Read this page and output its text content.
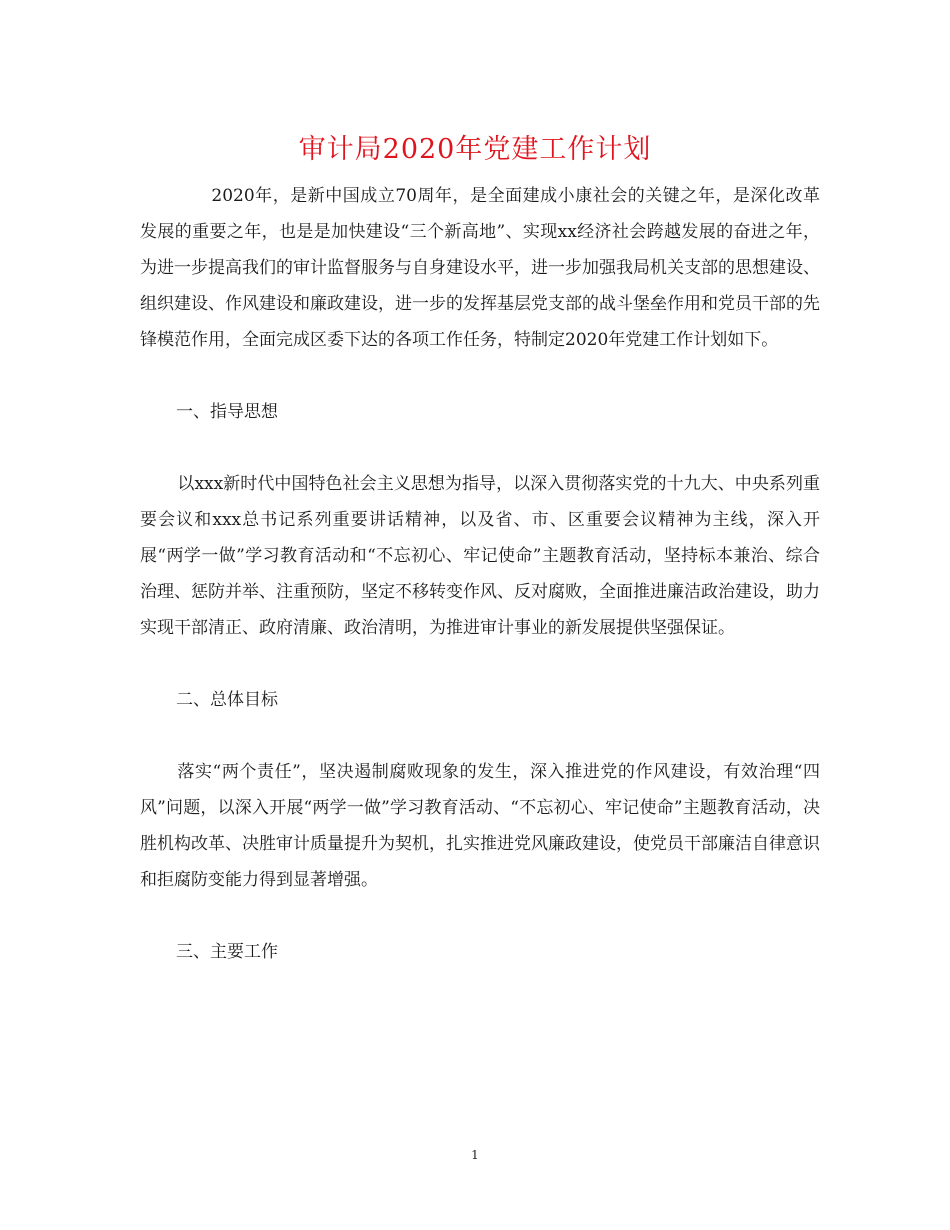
审计局2020年党建工作计划

2020年，是新中国成立70周年，是全面建成小康社会的关键之年，是深化改革发展的重要之年，也是是加快建设“三个新高地”、实现xx经济社会跨越发展的奋进之年，为进一步提高我们的审计监督服务与自身建设水平，进一步加强我局机关支部的思想建设、组织建设、作风建设和廉政建设，进一步的发挥基层党支部的战斗堡垒作用和党员干部的先锋模范作用，全面完成区委下达的各项工作任务，特制定2020年党建工作计划如下。

一、指导思想

以xxx新时代中国特色社会主义思想为指导，以深入贯彻落实党的十九大、中央系列重要会议和xxx总书记系列重要讲话精神，以及省、市、区重要会议精神为主线，深入开展“两学一做”学习教育活动和“不忘初心、牢记使命”主题教育活动，坚持标本兼治、综合治理、惩防并举、注重预防，坚定不移转变作风、反对腐败，全面推进廉洁政治建设，助力实现干部清正、政府清廉、政治清明，为推进审计事业的新发展提供坚强保证。

二、总体目标

落实“两个责任”，坚决遏制腐败现象的发生，深入推进党的作风建设，有效治理“四风”问题，以深入开展“两学一做”学习教育活动、“不忘初心、牢记使命”主题教育活动，决胜机构改革、决胜审计质量提升为契机，扎实推进党风廉政建设，使党员干部廉洁自律意识和拒腐防变能力得到显著增强。

三、主要工作

1
